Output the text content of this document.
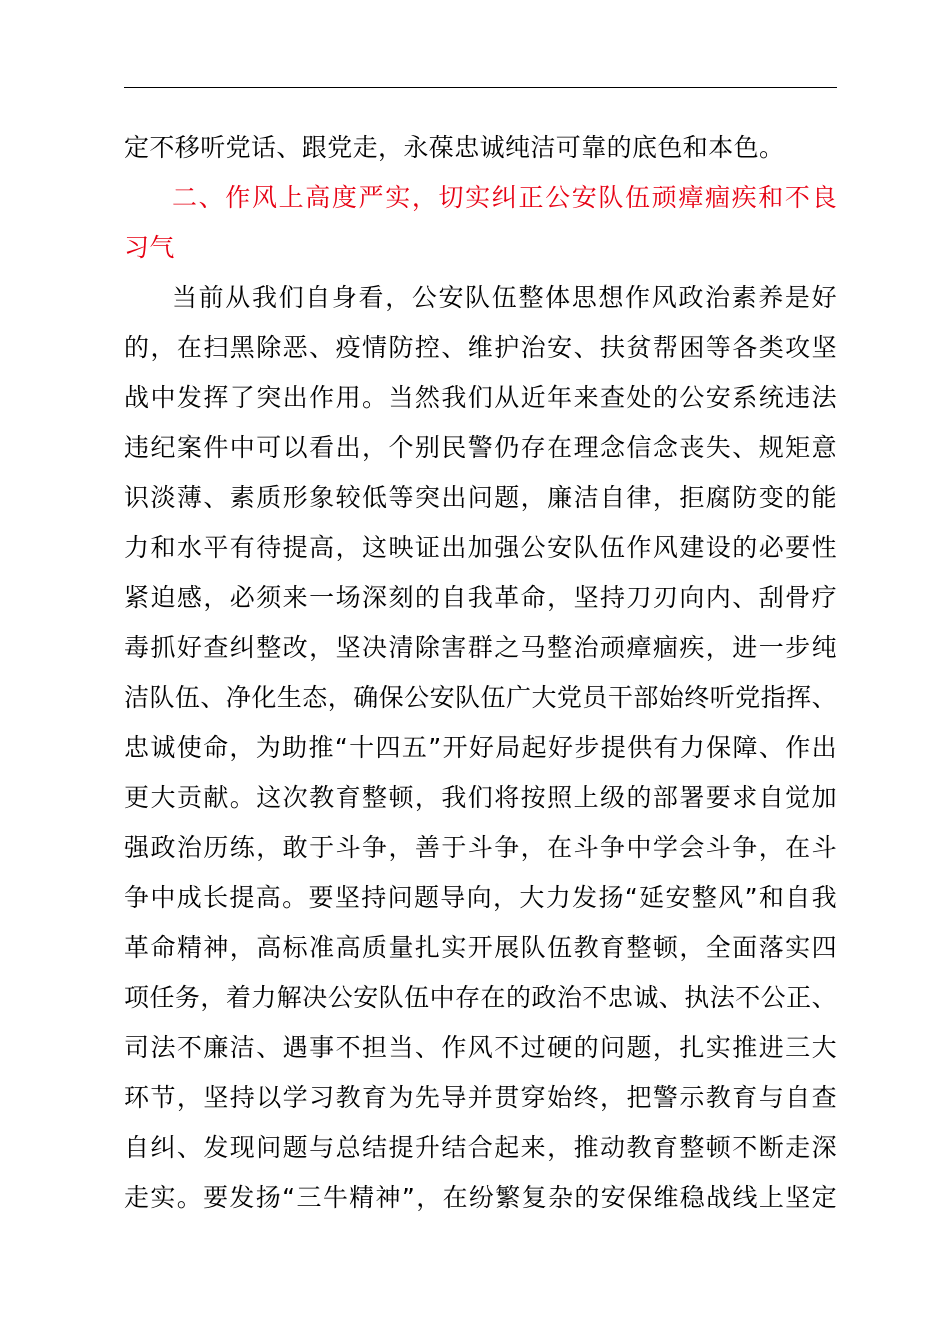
定不移听党话、跟党走，永葆忠诚纯洁可靠的底色和本色。
二、作风上高度严实，切实纠正公安队伍顽瘴痼疾和不良
习气
当前从我们自身看，公安队伍整体思想作风政治素养是好
的，在扫黑除恶、疫情防控、维护治安、扶贫帮困等各类攻坚
战中发挥了突出作用。当然我们从近年来查处的公安系统违法
违纪案件中可以看出，个别民警仍存在理念信念丧失、规矩意
识淡薄、素质形象较低等突出问题，廉洁自律，拒腐防变的能
力和水平有待提高，这映证出加强公安队伍作风建设的必要性
紧迫感，必须来一场深刻的自我革命，坚持刀刃向内、刮骨疗
毒抓好查纠整改，坚决清除害群之马整治顽瘴痼疾，进一步纯
洁队伍、净化生态，确保公安队伍广大党员干部始终听党指挥、
忠诚使命，为助推“十四五”开好局起好步提供有力保障、作出
更大贡献。这次教育整顿，我们将按照上级的部署要求自觉加
强政治历练，敢于斗争，善于斗争，在斗争中学会斗争，在斗
争中成长提高。要坚持问题导向，大力发扬“延安整风”和自我
革命精神，高标准高质量扎实开展队伍教育整顿，全面落实四
项任务，着力解决公安队伍中存在的政治不忠诚、执法不公正、
司法不廉洁、遇事不担当、作风不过硬的问题，扎实推进三大
环节，坚持以学习教育为先导并贯穿始终，把警示教育与自查
自纠、发现问题与总结提升结合起来，推动教育整顿不断走深
走实。要发扬“三牛精神”，在纷繁复杂的安保维稳战线上坚定
